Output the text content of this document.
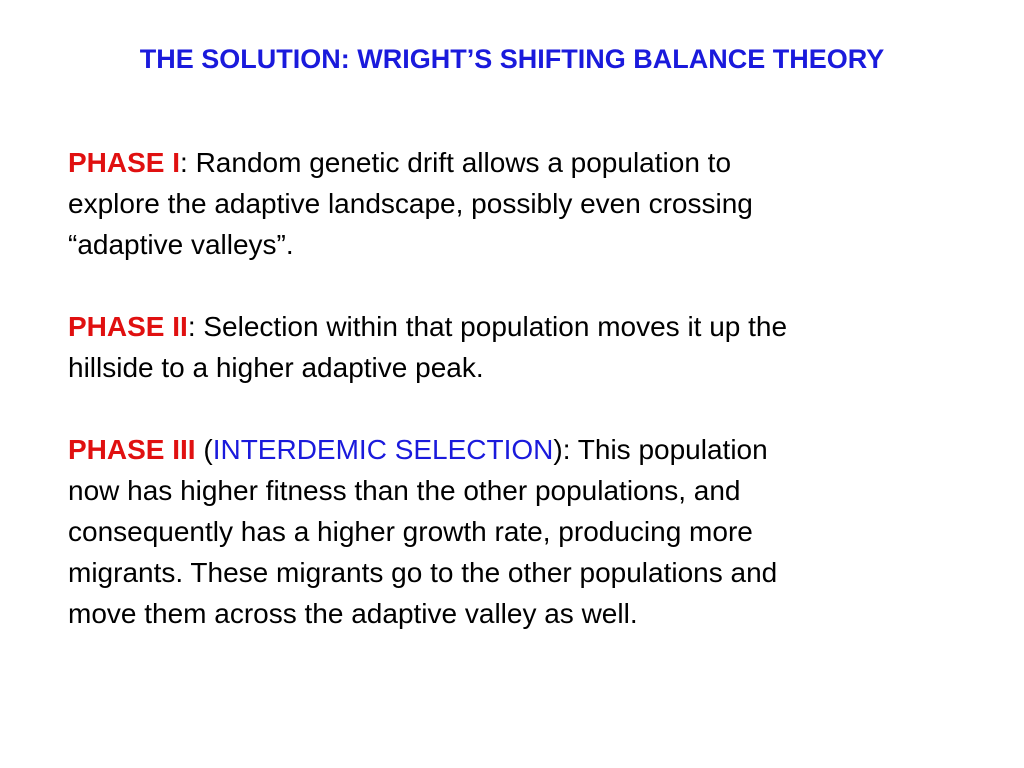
THE SOLUTION: WRIGHT’S SHIFTING BALANCE THEORY
PHASE I: Random genetic drift allows a population to
explore the adaptive landscape, possibly even crossing
“adaptive valleys”.
PHASE II: Selection within that population moves it up the
hillside to a higher adaptive peak.
PHASE III (INTERDEMIC SELECTION): This population
now has higher fitness than the other populations, and
consequently has a higher growth rate, producing more
migrants. These migrants go to the other populations and
move them across the adaptive valley as well.
